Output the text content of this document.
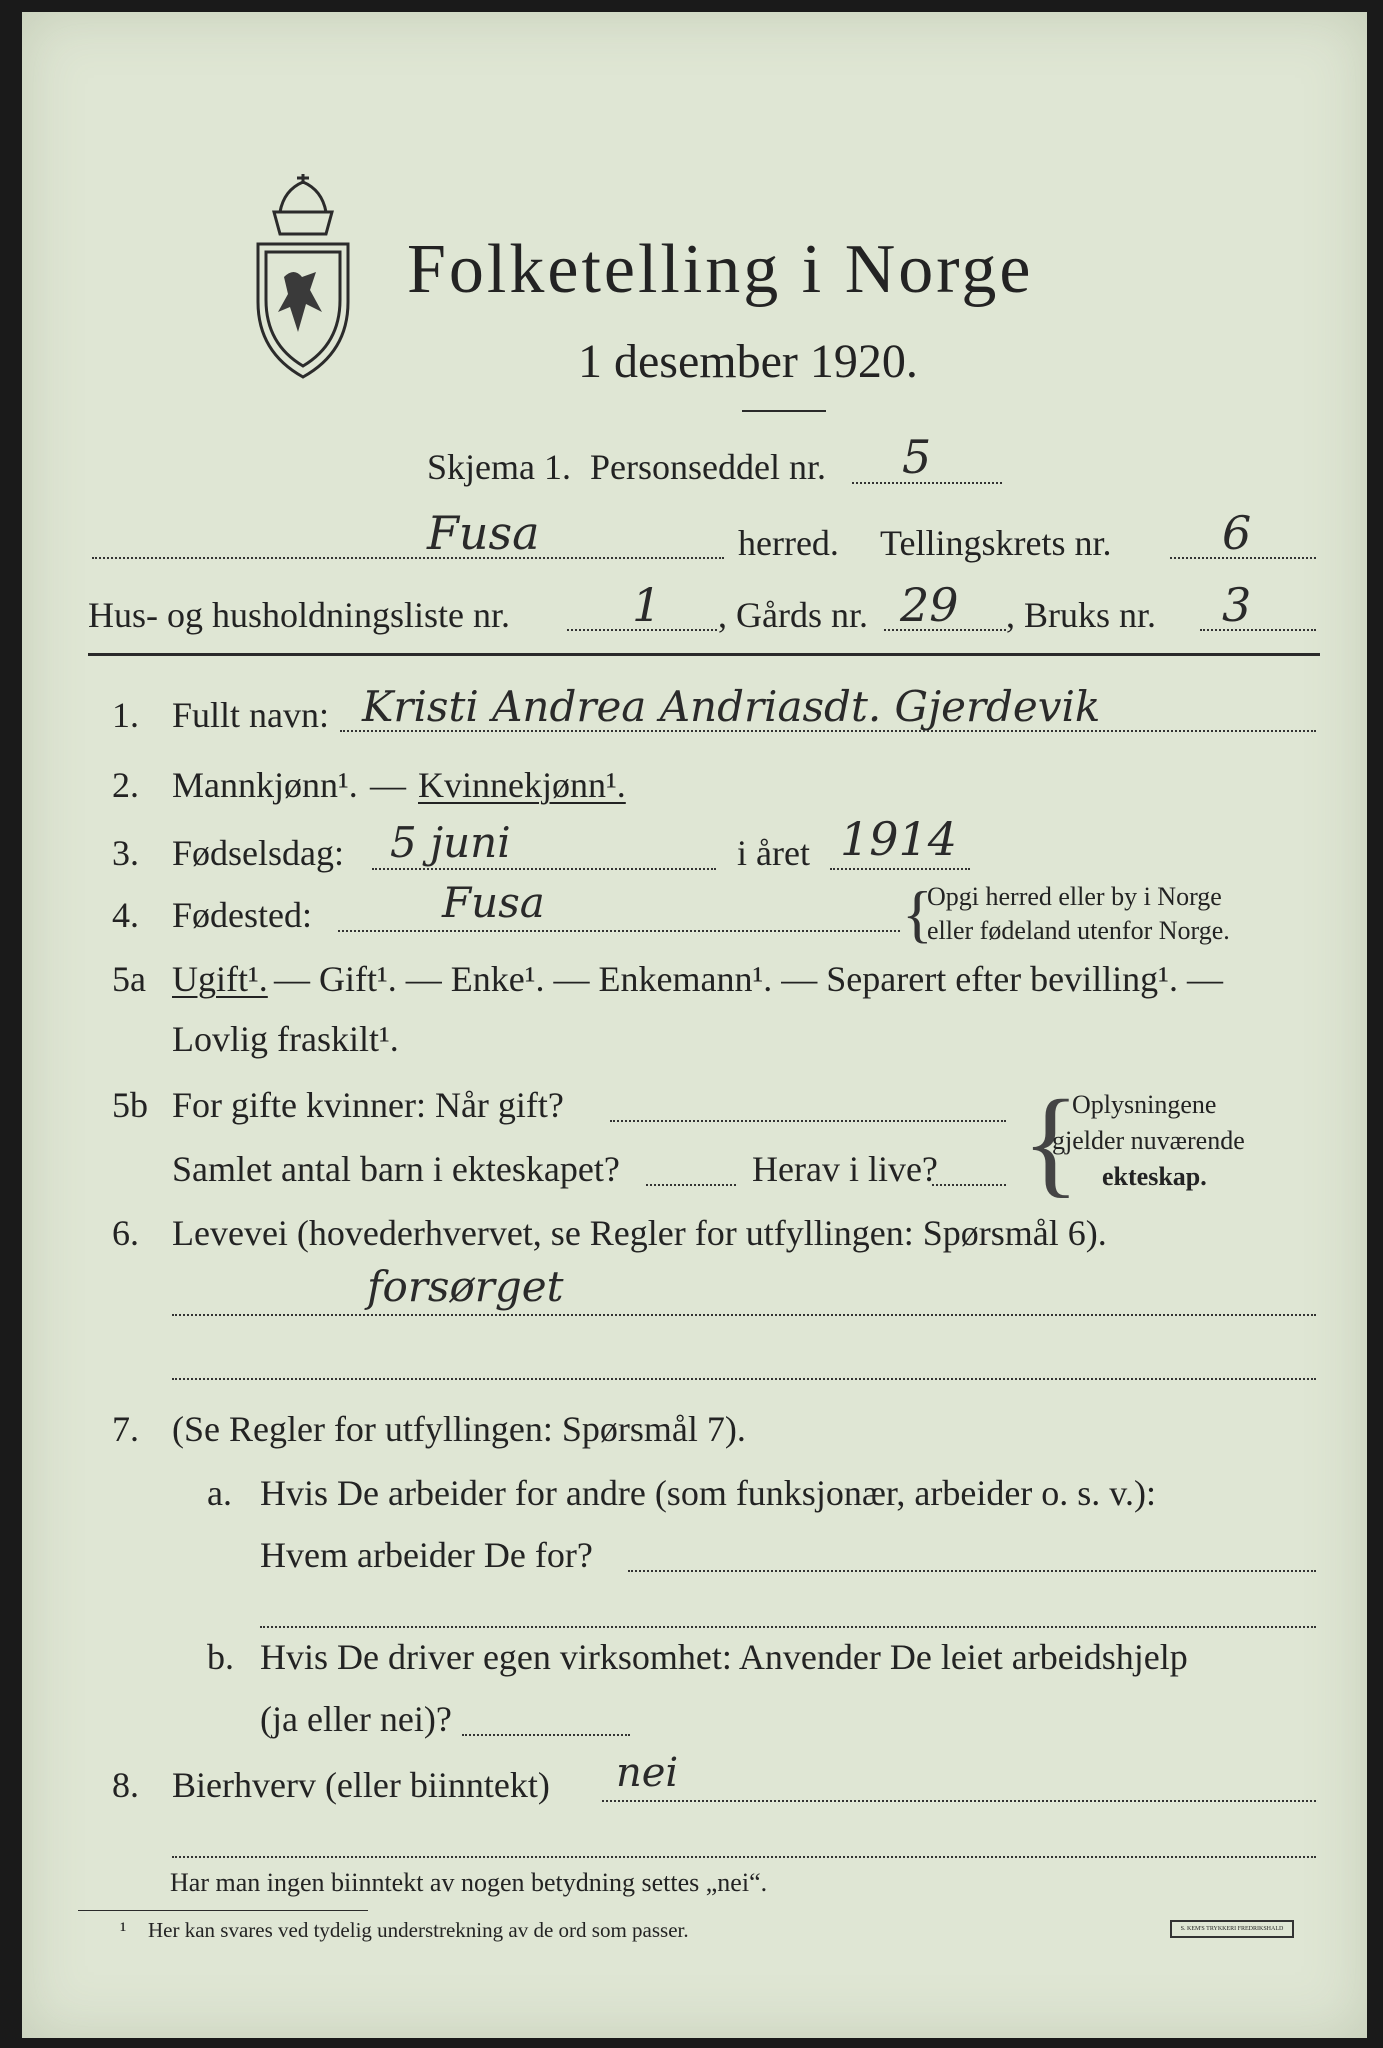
Folketelling i Norge
1 desember 1920.
Skjema 1. Personseddel nr. 5
Fusa	herred. Tellingskrets nr. 6
Hus- og husholdningsliste nr.	1 , Gårds nr. 29 , Bruks nr. 3
1. Fullt navn: Kristi Andrea Andriasdt. Gjerdevik
2. Mannkjønn¹. — Kvinnekjønn¹.
3. Fødselsdag: 5 juni	i året 1914
4. Fødested:	Fusa	{
Opgi herred eller by i Norge
eller fødeland utenfor Norge.
5a Ugift¹. — Gift¹. — Enke¹. — Enkemann¹. — Separert efter bevilling¹. —
Lovlig fraskilt¹.
5b For gifte kvinner: Når gift?
Samlet antal barn i ekteskapet?	Herav i live? {
Oplysningene
gjelder nuværende
ekteskap.
6. Levevei (hovederhvervet, se Regler for utfyllingen: Spørsmål 6).
forsørget
7. (Se Regler for utfyllingen: Spørsmål 7).
a. Hvis De arbeider for andre (som funksjonær, arbeider o. s. v.):
Hvem arbeider De for?
b. Hvis De driver egen virksomhet: Anvender De leiet arbeidshjelp
(ja eller nei)?
8. Bierhverv (eller biinntekt) nei
Har man ingen biinntekt av nogen betydning settes „nei“.
¹ Her kan svares ved tydelig understrekning av de ord som passer.	S. KEM'S TRYKKERI FREDRIKSHALD
